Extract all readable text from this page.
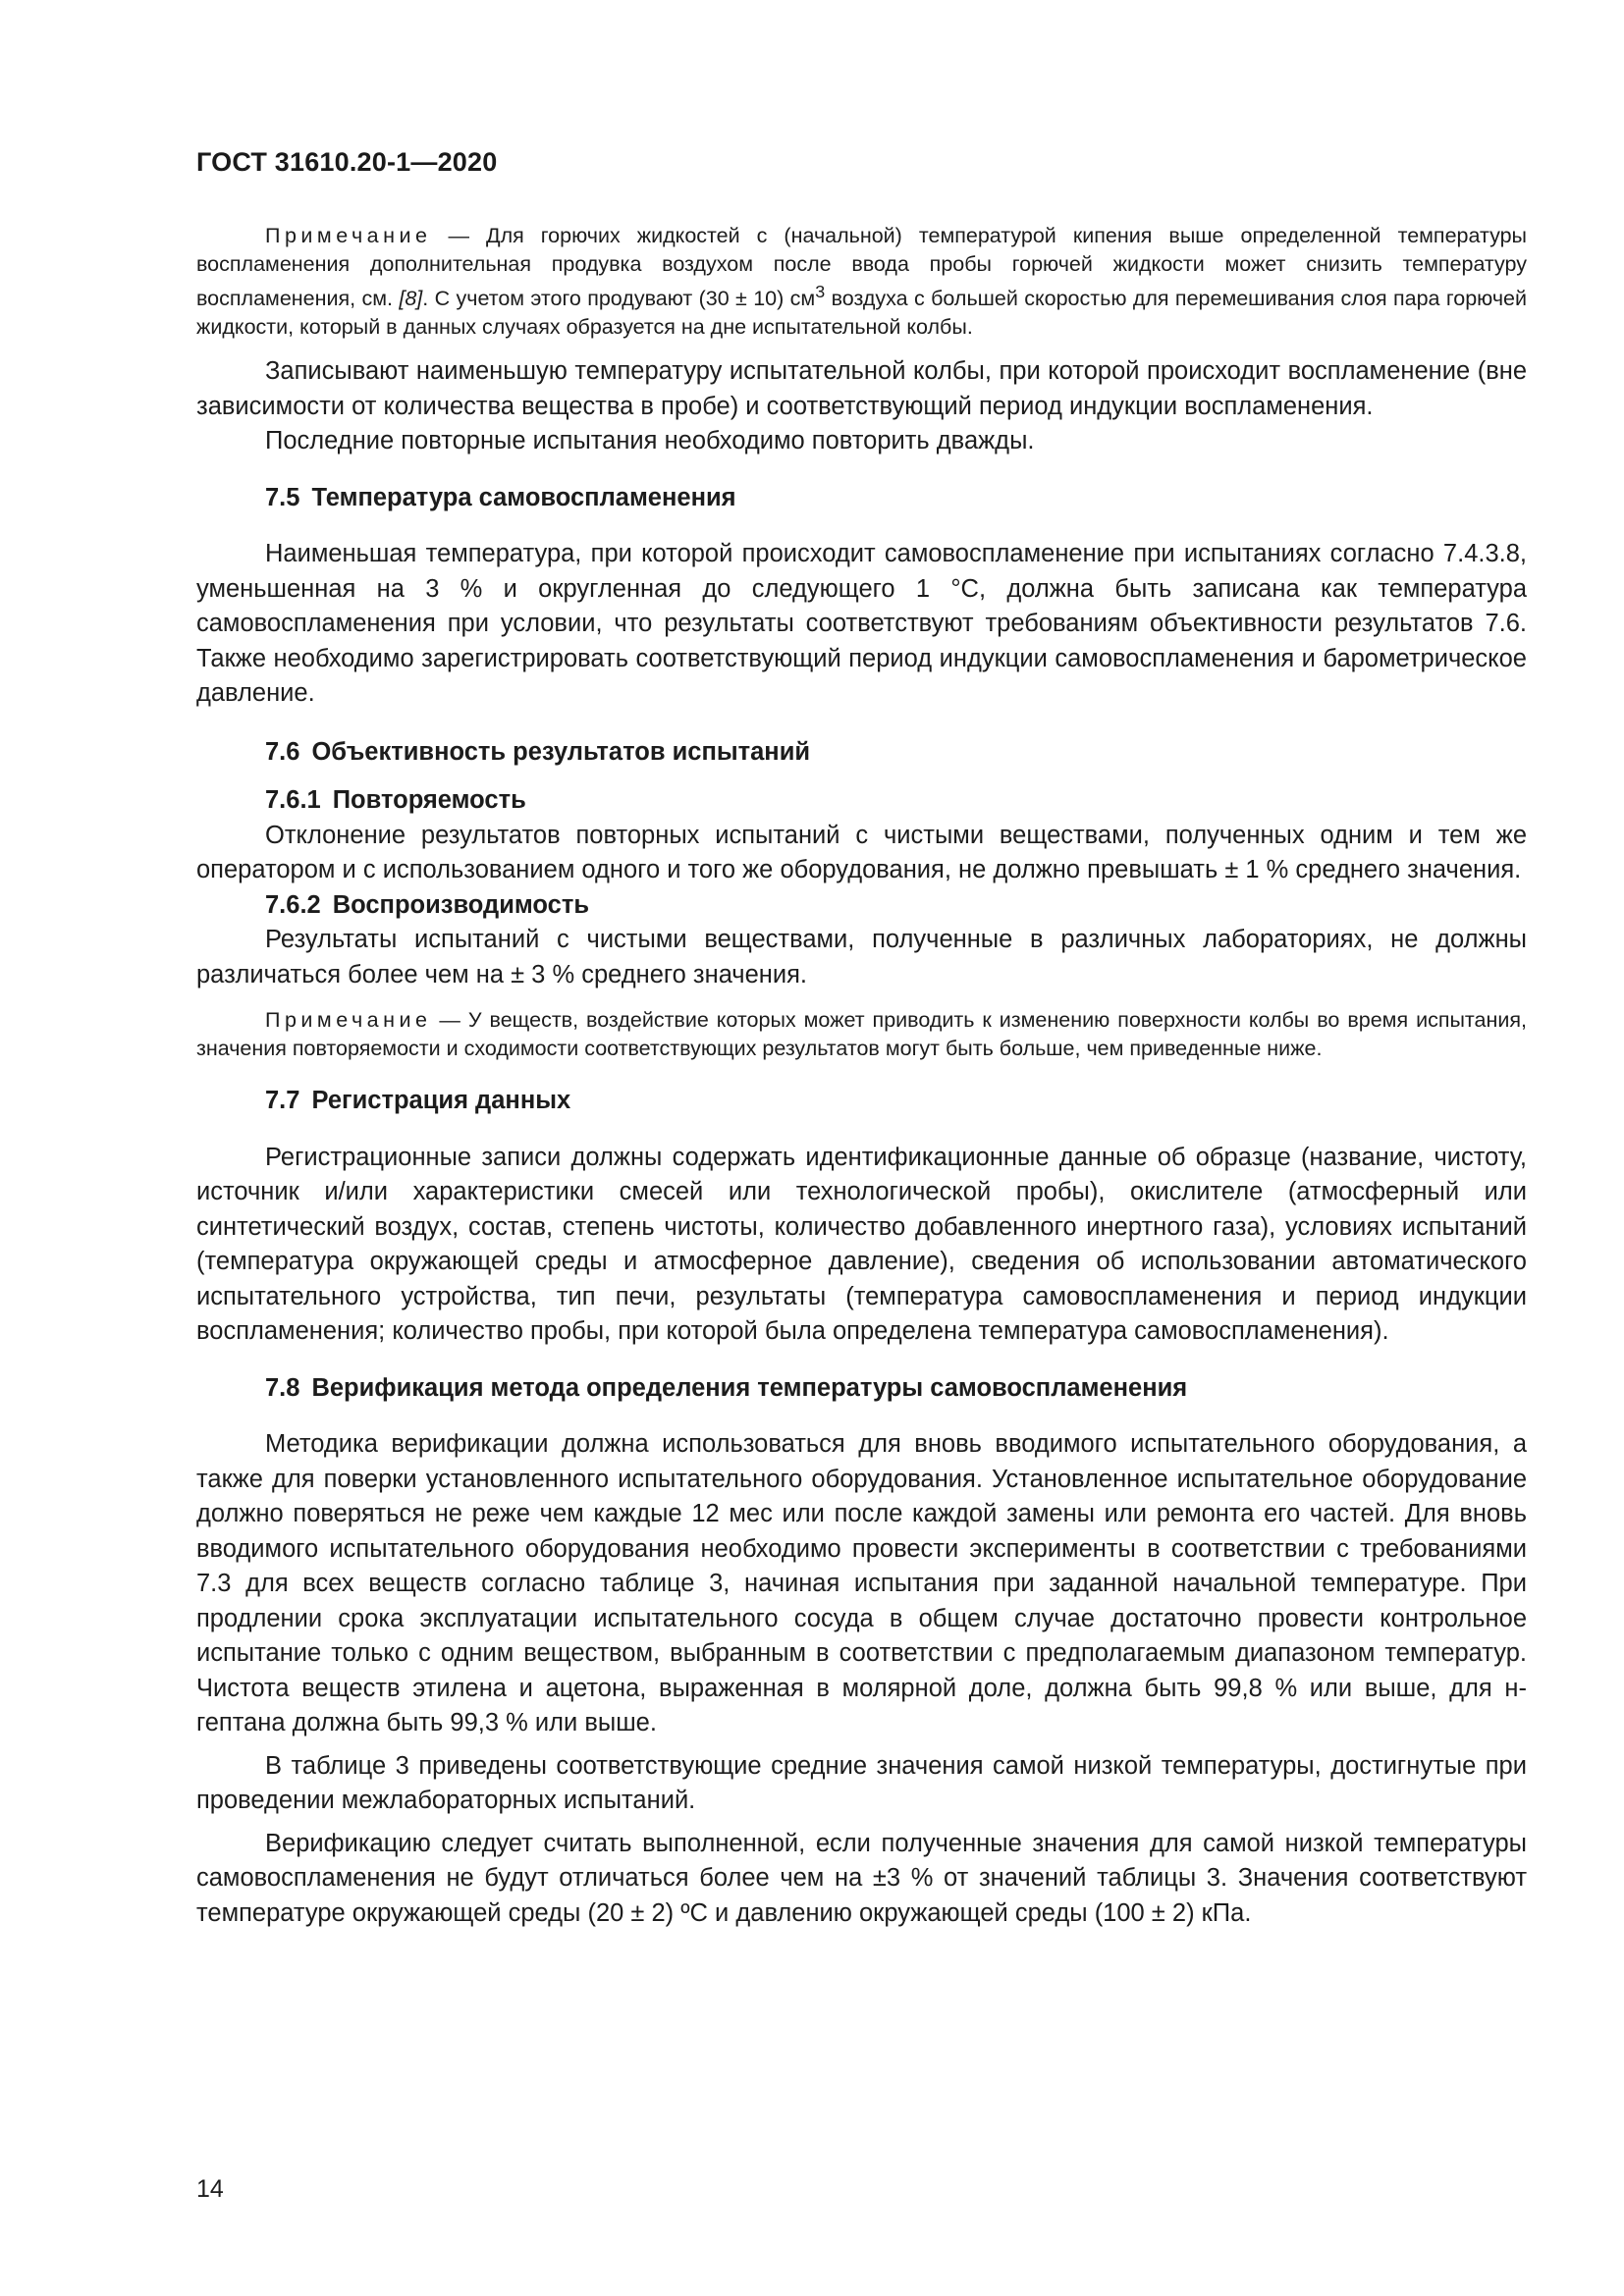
ГОСТ 31610.20-1—2020

Примечание — Для горючих жидкостей с (начальной) температурой кипения выше определенной температуры воспламенения дополнительная продувка воздухом после ввода пробы горючей жидкости может снизить температуру воспламенения, см. [8]. С учетом этого продувают (30 ± 10) $см^3$ воздуха с большей скоростью для перемешивания слоя пара горючей жидкости, который в данных случаях образуется на дне испытательной колбы.

Записывают наименьшую температуру испытательной колбы, при которой происходит воспламенение (вне зависимости от количества вещества в пробе) и соответствующий период индукции воспламенения.

Последние повторные испытания необходимо повторить дважды.

7.5 Температура самовоспламенения

Наименьшая температура, при которой происходит самовоспламенение при испытаниях согласно 7.4.3.8, уменьшенная на 3 % и округленная до следующего 1 °С, должна быть записана как температура самовоспламенения при условии, что результаты соответствуют требованиям объективности результатов 7.6. Также необходимо зарегистрировать соответствующий период индукции самовоспламенения и барометрическое давление.

7.6 Объективность результатов испытаний
7.6.1 Повторяемость

Отклонение результатов повторных испытаний с чистыми веществами, полученных одним и тем же оператором и с использованием одного и того же оборудования, не должно превышать ± 1 % среднего значения.

7.6.2 Воспроизводимость

Результаты испытаний с чистыми веществами, полученные в различных лабораториях, не должны различаться более чем на ± 3 % среднего значения.

Примечание — У веществ, воздействие которых может приводить к изменению поверхности колбы во время испытания, значения повторяемости и сходимости соответствующих результатов могут быть больше, чем приведенные ниже.

7.7 Регистрация данных

Регистрационные записи должны содержать идентификационные данные об образце (название, чистоту, источник и/или характеристики смесей или технологической пробы), окислителе (атмосферный или синтетический воздух, состав, степень чистоты, количество добавленного инертного газа), условиях испытаний (температура окружающей среды и атмосферное давление), сведения об использовании автоматического испытательного устройства, тип печи, результаты (температура самовоспламенения и период индукции воспламенения; количество пробы, при которой была определена температура самовоспламенения).

7.8 Верификация метода определения температуры самовоспламенения

Методика верификации должна использоваться для вновь вводимого испытательного оборудования, а также для поверки установленного испытательного оборудования. Установленное испытательное оборудование должно поверяться не реже чем каждые 12 мес или после каждой замены или ремонта его частей. Для вновь вводимого испытательного оборудования необходимо провести эксперименты в соответствии с требованиями 7.3 для всех веществ согласно таблице 3, начиная испытания при заданной начальной температуре. При продлении срока эксплуатации испытательного сосуда в общем случае достаточно провести контрольное испытание только с одним веществом, выбранным в соответствии с предполагаемым диапазоном температур. Чистота веществ этилена и ацетона, выраженная в молярной доле, должна быть 99,8 % или выше, для н-гептана должна быть 99,3 % или выше.

В таблице 3 приведены соответствующие средние значения самой низкой температуры, достигнутые при проведении межлабораторных испытаний.

Верификацию следует считать выполненной, если полученные значения для самой низкой температуры самовоспламенения не будут отличаться более чем на ±3 % от значений таблицы 3. Значения соответствуют температуре окружающей среды (20 ± 2) ºС и давлению окружающей среды (100 ± 2) кПа.

14
